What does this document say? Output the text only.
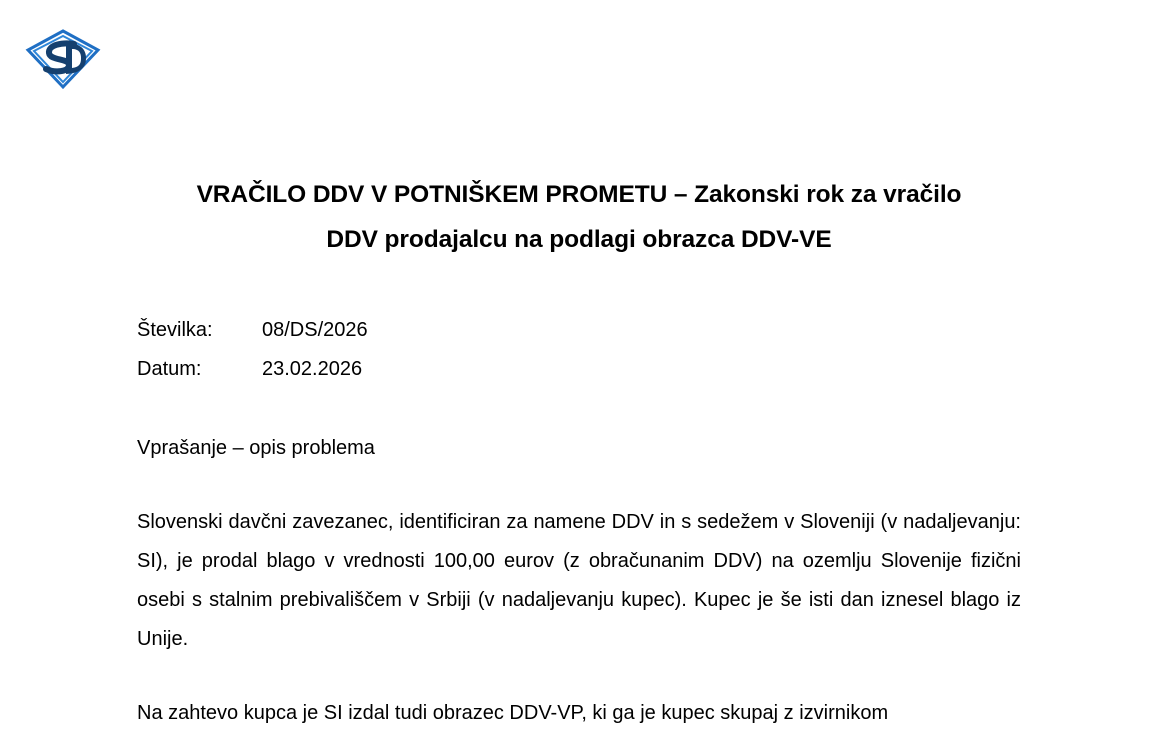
VRAČILO DDV V POTNIŠKEM PROMETU – Zakonski rok za vračilo
DDV prodajalcu na podlagi obrazca DDV-VE
Številka: 08/DS/2026
Datum:	23.02.2026
Vprašanje – opis problema

Slovenski davčni zavezanec, identificiran za namene DDV in s sedežem v Sloveniji (v nadaljevanju: SI), je prodal blago v vrednosti 100,00 eurov (z obračunanim DDV) na ozemlju Slovenije fizični osebi s stalnim prebivališčem v Srbiji (v nadaljevanju kupec). Kupec je še isti dan iznesel blago iz Unije.

Na zahtevo kupca je SI izdal tudi obrazec DDV-VP, ki ga je kupec skupaj z izvirnikom
